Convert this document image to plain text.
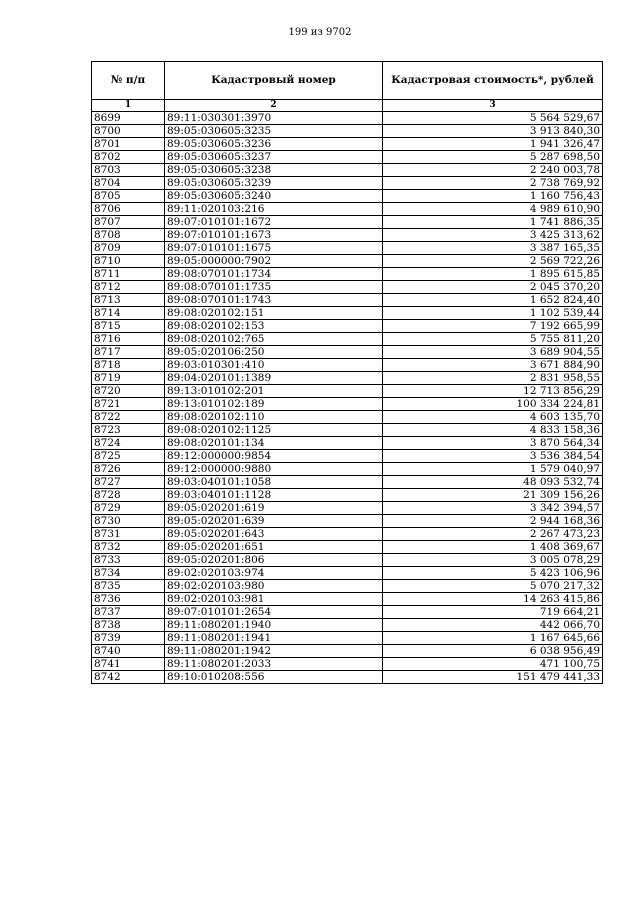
199 из 9702
№ п/п	Кадастровый номер	Кадастровая стоимость*, рублей
1	2	3
8699	89:11:030301:3970	5 564 529,67
8700	89:05:030605:3235	3 913 840,30
8701	89:05:030605:3236	1 941 326,47
8702	89:05:030605:3237	5 287 698,50
8703	89:05:030605:3238	2 240 003,78
8704	89:05:030605:3239	2 738 769,92
8705	89:05:030605:3240	1 160 756,43
8706	89:11:020103:216	4 989 610,90
8707	89:07:010101:1672	1 741 886,35
8708	89:07:010101:1673	3 425 313,62
8709	89:07:010101:1675	3 387 165,35
8710	89:05:000000:7902	2 569 722,26
8711	89:08:070101:1734	1 895 615,85
8712	89:08:070101:1735	2 045 370,20
8713	89:08:070101:1743	1 652 824,40
8714	89:08:020102:151	1 102 539,44
8715	89:08:020102:153	7 192 665,99
8716	89:08:020102:765	5 755 811,20
8717	89:05:020106:250	3 689 904,55
8718	89:03:010301:410	3 671 884,90
8719	89:04:020101:1389	2 831 958,55
8720	89:13:010102:201	12 713 856,29
8721	89:13:010102:189	100 334 224,81
8722	89:08:020102:110	4 603 135,70
8723	89:08:020102:1125	4 833 158,36
8724	89:08:020101:134	3 870 564,34
8725	89:12:000000:9854	3 536 384,54
8726	89:12:000000:9880	1 579 040,97
8727	89:03:040101:1058	48 093 532,74
8728	89:03:040101:1128	21 309 156,26
8729	89:05:020201:619	3 342 394,57
8730	89:05:020201:639	2 944 168,36
8731	89:05:020201:643	2 267 473,23
8732	89:05:020201:651	1 408 369,67
8733	89:05:020201:806	3 005 078,29
8734	89:02:020103:974	5 423 106,96
8735	89:02:020103:980	5 070 217,32
8736	89:02:020103:981	14 263 415,86
8737	89:07:010101:2654	719 664,21
8738	89:11:080201:1940	442 066,70
8739	89:11:080201:1941	1 167 645,66
8740	89:11:080201:1942	6 038 956,49
8741	89:11:080201:2033	471 100,75
8742	89:10:010208:556	151 479 441,33
